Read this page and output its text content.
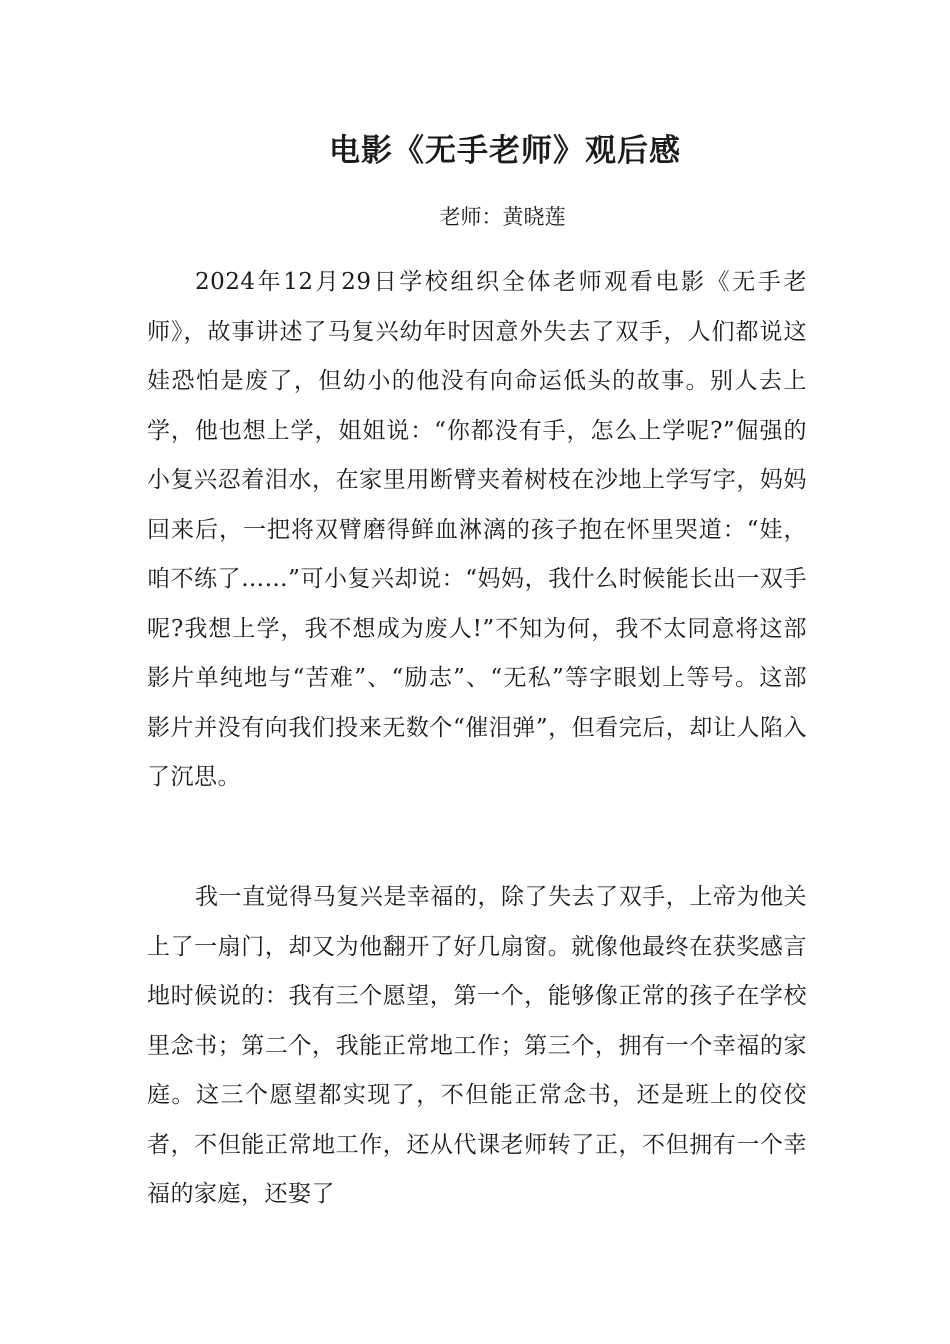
电影《无手老师》观后感

老师：黄晓莲

2024年12月29日学校组织全体老师观看电影《无手老师》，故事讲述了马复兴幼年时因意外失去了双手，人们都说这娃恐怕是废了，但幼小的他没有向命运低头的故事。别人去上学，他也想上学，姐姐说：“你都没有手，怎么上学呢?”倔强的小复兴忍着泪水，在家里用断臂夹着树枝在沙地上学写字，妈妈回来后，一把将双臂磨得鲜血淋漓的孩子抱在怀里哭道：“娃，咱不练了……”可小复兴却说：“妈妈，我什么时候能长出一双手呢?我想上学，我不想成为废人!”不知为何，我不太同意将这部影片单纯地与“苦难”、“励志”、“无私”等字眼划上等号。这部影片并没有向我们投来无数个“催泪弹”，但看完后，却让人陷入了沉思。

我一直觉得马复兴是幸福的，除了失去了双手，上帝为他关上了一扇门，却又为他翻开了好几扇窗。就像他最终在获奖感言地时候说的：我有三个愿望，第一个，能够像正常的孩子在学校里念书；第二个，我能正常地工作；第三个，拥有一个幸福的家庭。这三个愿望都实现了，不但能正常念书，还是班上的佼佼者，不但能正常地工作，还从代课老师转了正，不但拥有一个幸福的家庭，还娶了
